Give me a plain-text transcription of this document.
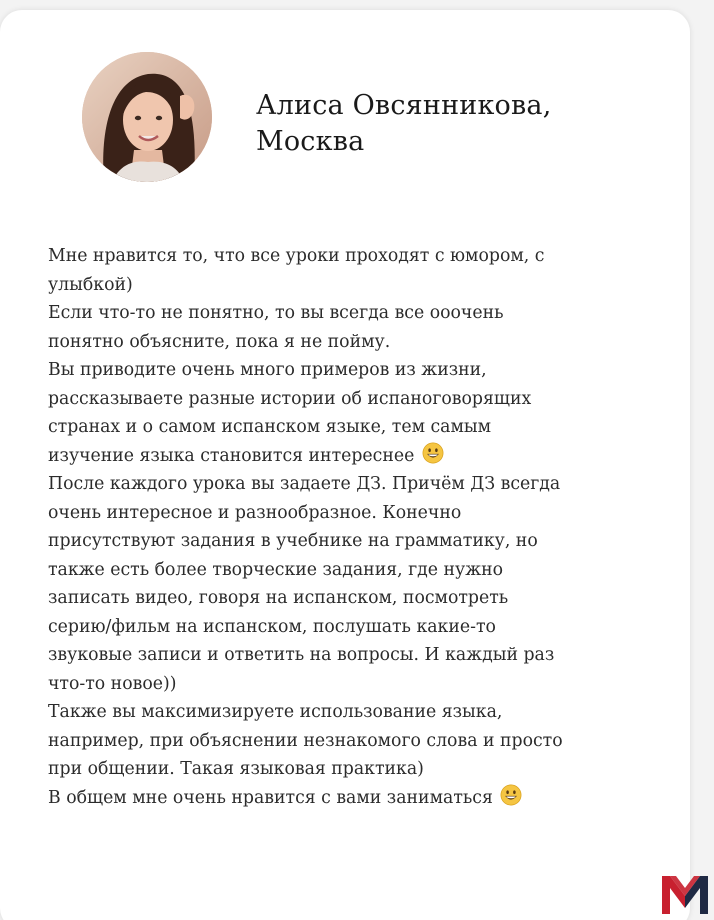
Алиса Овсянникова,
Москва
Мне нравится то, что все уроки проходят с юмором, с
улыбкой)
Если что-то не понятно, то вы всегда все ооочень
понятно объясните, пока я не пойму.
Вы приводите очень много примеров из жизни,
рассказываете разные истории об испаноговорящих
странах и о самом испанском языке, тем самым
изучение языка становится интереснее
После каждого урока вы задаете ДЗ. Причём ДЗ всегда
очень интересное и разнообразное. Конечно
присутствуют задания в учебнике на грамматику, но
также есть более творческие задания, где нужно
записать видео, говоря на испанском, посмотреть
серию/фильм на испанском, послушать какие-то
звуковые записи и ответить на вопросы. И каждый раз
что-то новое))
Также вы максимизируете использование языка,
например, при объяснении незнакомого слова и просто
при общении. Такая языковая практика)
В общем мне очень нравится с вами заниматься
